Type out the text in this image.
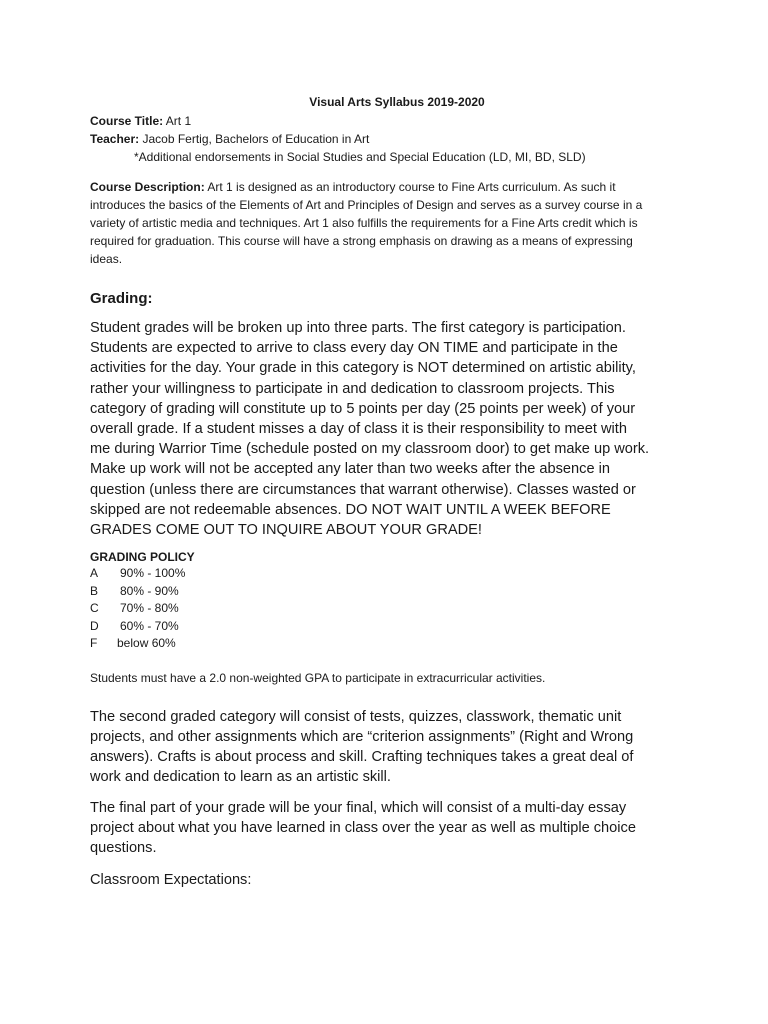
Visual Arts Syllabus 2019-2020
Course Title: Art 1
Teacher: Jacob Fertig, Bachelors of Education in Art
*Additional endorsements in Social Studies and Special Education (LD, MI, BD, SLD)
Course Description: Art 1 is designed as an introductory course to Fine Arts curriculum. As such it introduces the basics of the Elements of Art and Principles of Design and serves as a survey course in a variety of artistic media and techniques. Art 1 also fulfills the requirements for a Fine Arts credit which is required for graduation. This course will have a strong emphasis on drawing as a means of expressing ideas.
Grading:
Student grades will be broken up into three parts. The first category is participation. Students are expected to arrive to class every day ON TIME and participate in the activities for the day. Your grade in this category is NOT determined on artistic ability, rather your willingness to participate in and dedication to classroom projects. This category of grading will constitute up to 5 points per day (25 points per week) of your overall grade. If a student misses a day of class it is their responsibility to meet with me during Warrior Time (schedule posted on my classroom door) to get make up work. Make up work will not be accepted any later than two weeks after the absence in question (unless there are circumstances that warrant otherwise). Classes wasted or skipped are not redeemable absences. DO NOT WAIT UNTIL A WEEK BEFORE GRADES COME OUT TO INQUIRE ABOUT YOUR GRADE!
GRADING POLICY
A	90% - 100%
B	80% - 90%
C	70% - 80%
D	60% - 70%
F	below 60%
Students must have a 2.0 non-weighted GPA to participate in extracurricular activities.
The second graded category will consist of tests, quizzes, classwork, thematic unit projects, and other assignments which are “criterion assignments” (Right and Wrong answers). Crafts is about process and skill. Crafting techniques takes a great deal of work and dedication to learn as an artistic skill.
The final part of your grade will be your final, which will consist of a multi-day essay project about what you have learned in class over the year as well as multiple choice questions.
Classroom Expectations:
